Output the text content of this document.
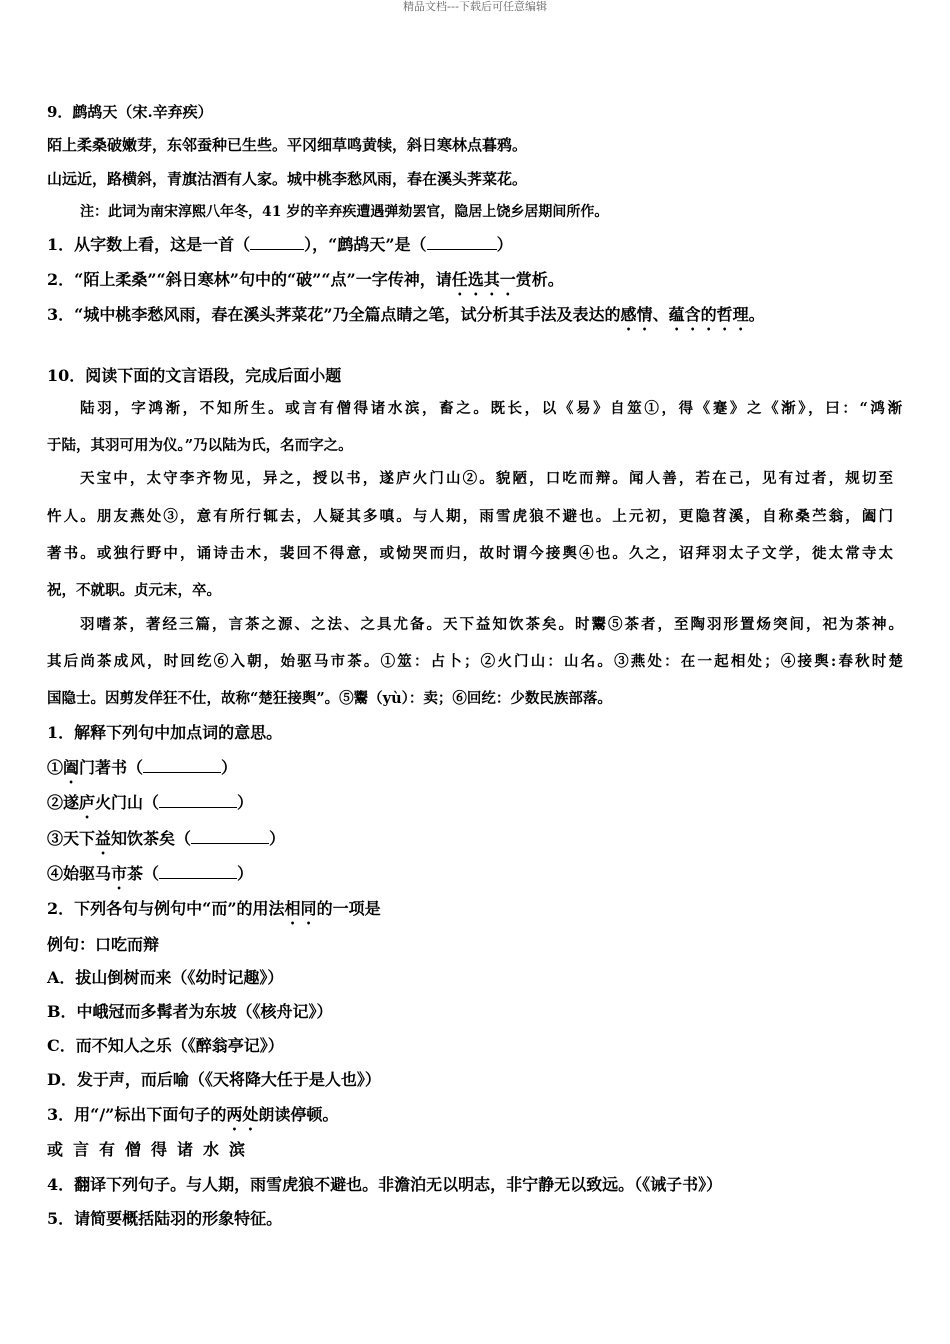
精品文档---下载后可任意编辑
9．鹧鸪天（宋.辛弃疾）
陌上柔桑破嫩芽，东邻蚕种已生些。平冈细草鸣黄犊，斜日寒林点暮鸦。
山远近，路横斜，青旗沽酒有人家。城中桃李愁风雨，春在溪头荠菜花。
注：此词为南宋淳熙八年冬，41 岁的辛弃疾遭遇弹劾罢官，隐居上饶乡居期间所作。
1．从字数上看，这是一首（	），“鹧鸪天”是（	）
2．“陌上柔桑”“斜日寒林”句中的“破”“点”一字传神，请任选其一赏析。
3．“城中桃李愁风雨，春在溪头荠菜花”乃全篇点睛之笔，试分析其手法及表达的感情、蕴含的哲理。
10．阅读下面的文言语段，完成后面小题
陆羽，字鸿渐，不知所生。或言有僧得诸水滨，畜之。既长，以《易》自筮①，得《蹇》之《渐》，曰：“鸿渐
于陆，其羽可用为仪。”乃以陆为氏，名而字之。
天宝中，太守李齐物见，异之，授以书，遂庐火门山②。貌陋，口吃而辩。闻人善，若在己，见有过者，规切至
忤人。朋友燕处③，意有所行辄去，人疑其多嗔。与人期，雨雪虎狼不避也。上元初，更隐苕溪，自称桑苎翁，阖门
著书。或独行野中，诵诗击木，裴回不得意，或恸哭而归，故时谓今接舆④也。久之，诏拜羽太子文学，徙太常寺太
祝，不就职。贞元末，卒。
羽嗜茶，著经三篇，言茶之源、之法、之具尤备。天下益知饮茶矣。时鬻⑤茶者，至陶羽形置炀突间，祀为茶神。
其后尚茶成风，时回纥⑥入朝，始驱马市茶。①筮：占卜；②火门山：山名。③燕处：在一起相处；④接舆:春秋时楚
国隐士。因剪发佯狂不仕，故称“楚狂接舆”。⑤鬻（yù）：卖；⑥回纥：少数民族部落。
1．解释下列句中加点词的意思。
①阖门著书（	）
②遂庐火门山（	）
③天下益知饮茶矣（	）
④始驱马市茶（	）
2．下列各句与例句中“而”的用法相同的一项是
例句：口吃而辩
A．拔山倒树而来（《幼时记趣》）
B．中峨冠而多髯者为东坡（《核舟记》）
C．而不知人之乐（《醉翁亭记》）
D．发于声，而后喻（《天将降大任于是人也》）
3．用“/”标出下面句子的两处朗读停顿。
或言有僧得诸水滨
4．翻译下列句子。与人期，雨雪虎狼不避也。非澹泊无以明志，非宁静无以致远。（《诫子书》）
5．请简要概括陆羽的形象特征。
